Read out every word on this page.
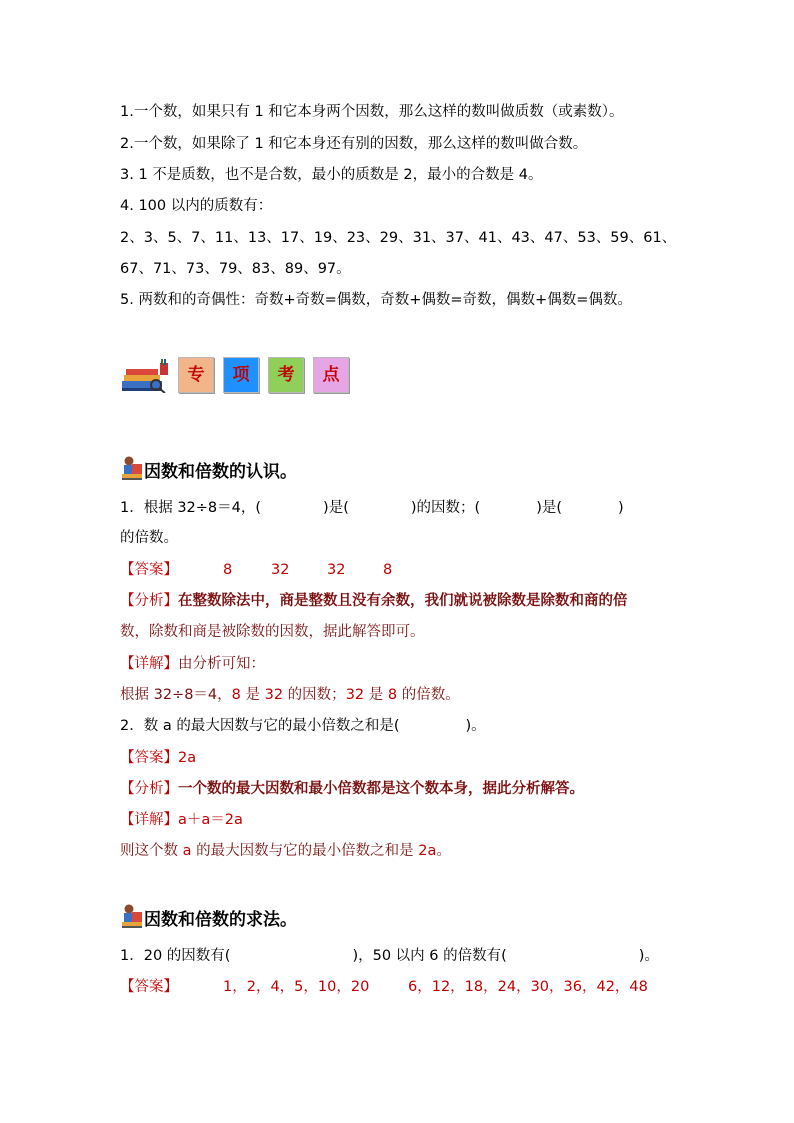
1.一个数，如果只有 1 和它本身两个因数，那么这样的数叫做质数（或素数）。
2.一个数，如果除了 1 和它本身还有别的因数，那么这样的数叫做合数。
3. 1 不是质数，也不是合数，最小的质数是 2，最小的合数是 4。
4. 100 以内的质数有：
2、3、5、7、11、13、17、19、23、29、31、37、41、43、47、53、59、61、
67、71、73、79、83、89、97。
5. 两数和的奇偶性：奇数+奇数=偶数，奇数+偶数=奇数，偶数+偶数=偶数。
专	项	考	点
因数和倍数的认识。
1．根据 32÷8＝4，(	)是(	)的因数；(	)是(	)
的倍数。
【答案】	8	32	32	8
【分析】在整数除法中，商是整数且没有余数，我们就说被除数是除数和商的倍
数，除数和商是被除数的因数，据此解答即可。
【详解】由分析可知：
根据 32÷8＝4，8 是 32 的因数；32 是 8 的倍数。
2．数 a 的最大因数与它的最小倍数之和是(	)。
【答案】2a
【分析】一个数的最大因数和最小倍数都是这个数本身，据此分析解答。
【详解】a＋a＝2a
则这个数 a 的最大因数与它的最小倍数之和是 2a。
因数和倍数的求法。
1．20 的因数有(	)，50 以内 6 的倍数有(	)。
【答案】	1，2，4，5，10，20	6，12，18，24，30，36，42，48
